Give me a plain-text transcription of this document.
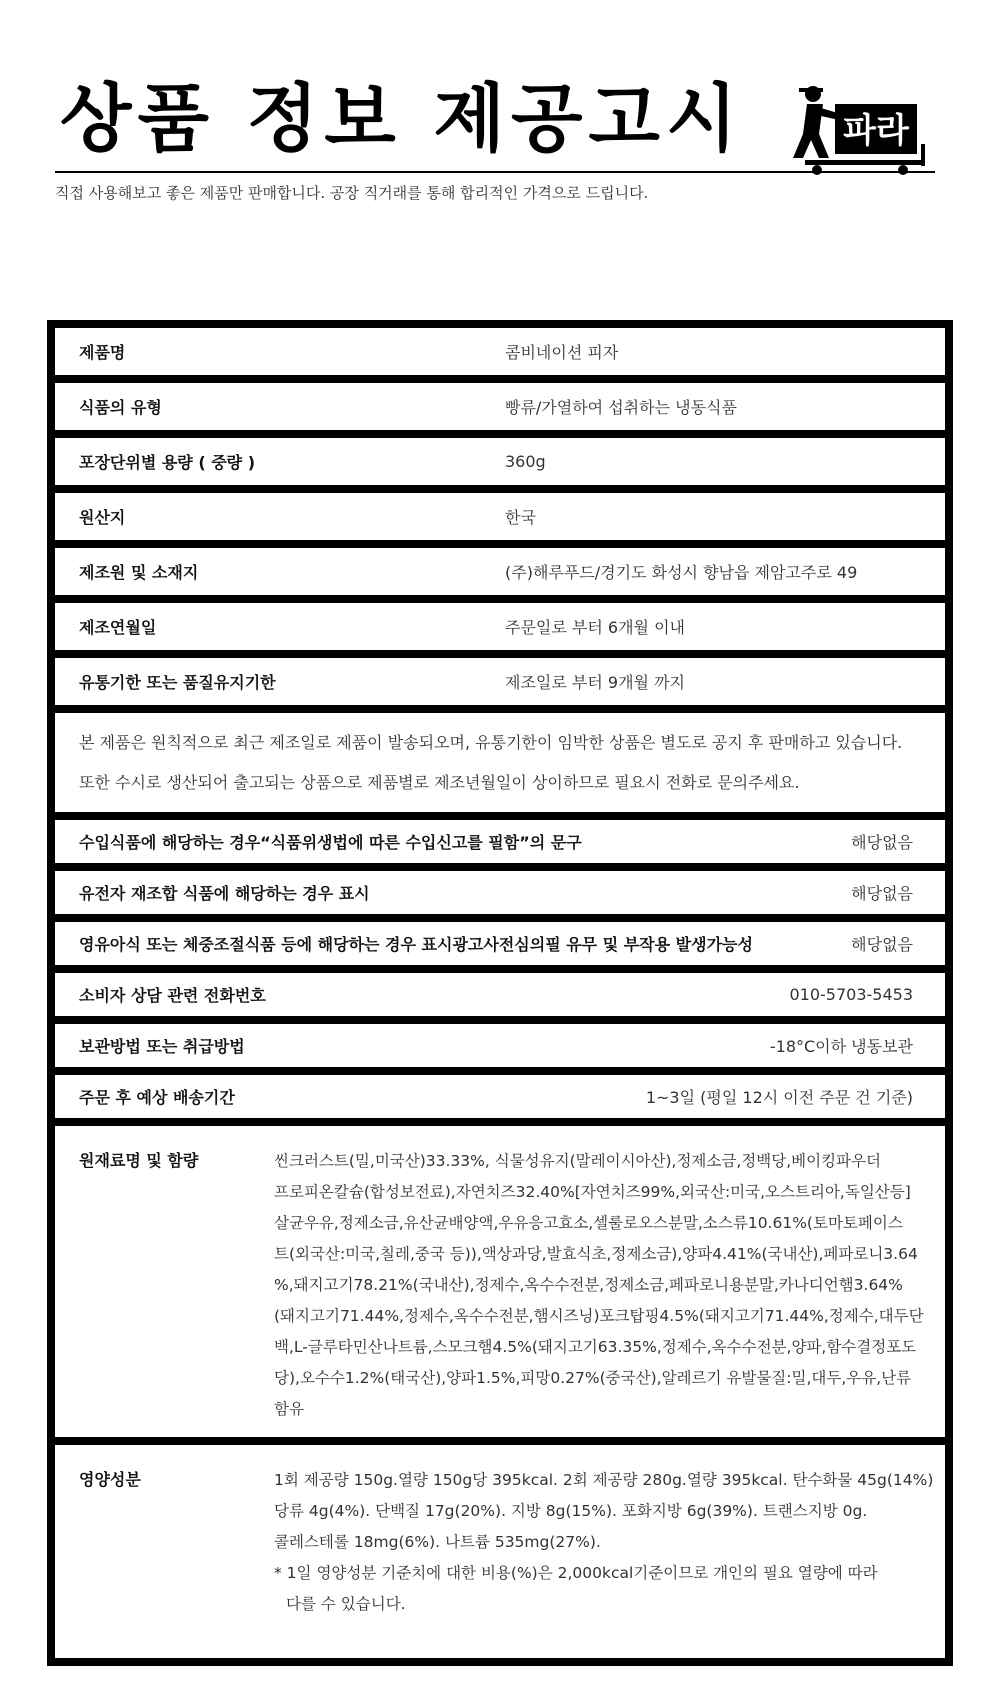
상품 정보 제공고시	파라
직접 사용해보고 좋은 제품만 판매합니다. 공장 직거래를 통해 합리적인 가격으로 드립니다.
제품명	콤비네이션 피자
식품의 유형	빵류/가열하여 섭취하는 냉동식품
포장단위별 용량 ( 중량 )	360g
원산지	한국
제조원 및 소재지	(주)해루푸드/경기도 화성시 향남읍 제암고주로 49
제조연월일	주문일로 부터 6개월 이내
유통기한 또는 품질유지기한	제조일로 부터 9개월 까지

본 제품은 원칙적으로 최근 제조일로 제품이 발송되오며, 유통기한이 임박한 상품은 별도로 공지 후 판매하고 있습니다.

또한 수시로 생산되어 출고되는 상품으로 제품별로 제조년월일이 상이하므로 필요시 전화로 문의주세요.

수입식품에 해당하는 경우“식품위생법에 따른 수입신고를 필함”의 문구	해당없음
유전자 재조합 식품에 해당하는 경우 표시	해당없음
영유아식 또는 체중조절식품 등에 해당하는 경우 표시광고사전심의필 유무 및 부작용 발생가능성	해당없음
소비자 상담 관련 전화번호	010-5703-5453
보관방법 또는 취급방법	-18°C이하 냉동보관
주문 후 예상 배송기간	1~3일 (평일 12시 이전 주문 건 기준)
원재료명 및 함량	씬크러스트(밀,미국산)33.33%, 식물성유지(말레이시아산),정제소금,정백당,베이킹파우더
프로피온칼슘(합성보전료),자연치즈32.40%[자연치즈99%,외국산:미국,오스트리아,독일산등]
살균우유,정제소금,유산균배양액,우유응고효소,셀룰로오스분말,소스류10.61%(토마토페이스
트(외국산:미국,칠레,중국 등)),액상과당,발효식초,정제소금),양파4.41%(국내산),페파로니3.64
%,돼지고기78.21%(국내산),정제수,옥수수전분,정제소금,페파로니용분말,카나디언햄3.64%
(돼지고기71.44%,정제수,옥수수전분,햄시즈닝)포크탑핑4.5%(돼지고기71.44%,정제수,대두단
백,L-글루타민산나트륨,스모크햄4.5%(돼지고기63.35%,정제수,옥수수전분,양파,함수결정포도
당),오수수1.2%(태국산),양파1.5%,피망0.27%(중국산),알레르기 유발물질:밀,대두,우유,난류
함유
영양성분	1회 제공량 150g.열량 150g당 395kcal. 2회 제공량 280g.열량 395kcal. 탄수화물 45g(14%)
당류 4g(4%). 단백질 17g(20%). 지방 8g(15%). 포화지방 6g(39%). 트랜스지방 0g.
콜레스테롤 18mg(6%). 나트륨 535mg(27%).
* 1일 영양성분 기준치에 대한 비용(%)은 2,000kcal기준이므로 개인의 필요 열량에 따라
다를 수 있습니다.
